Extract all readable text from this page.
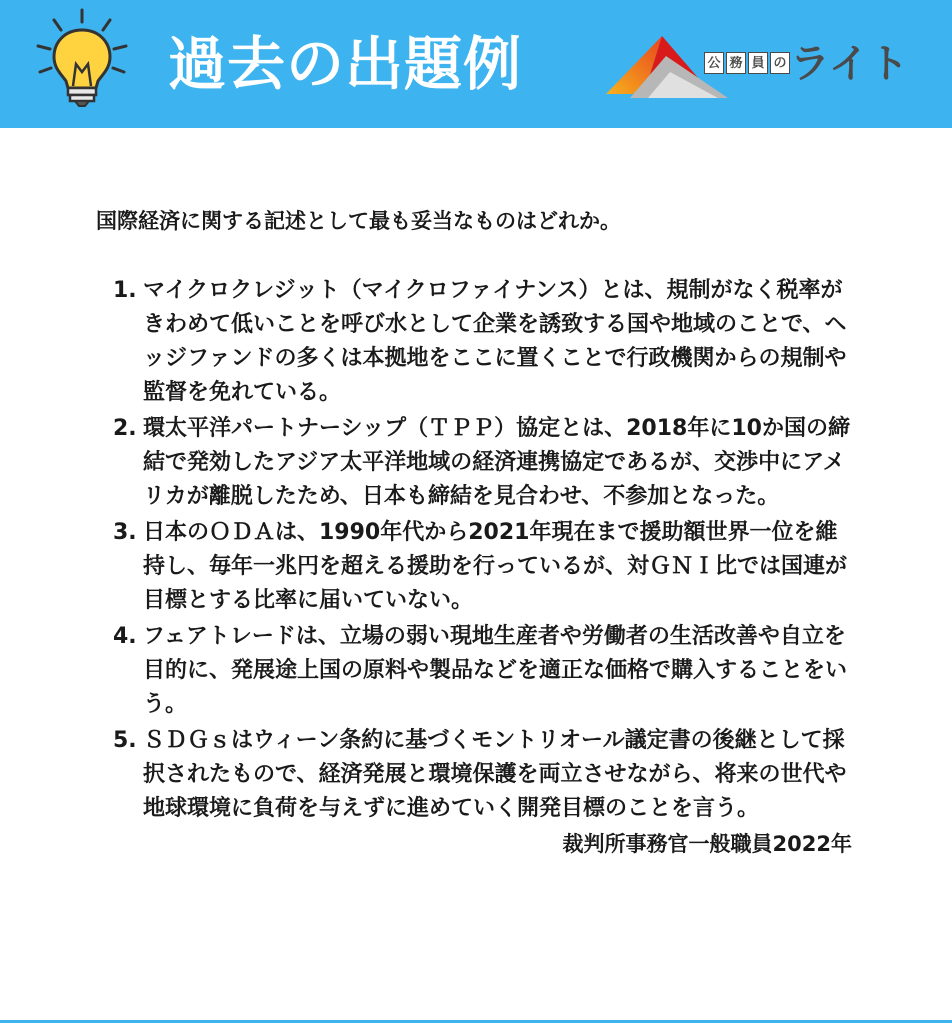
過去の出題例	公 務 員 の ライト

国際経済に関する記述として最も妥当なものはどれか。

1. マイクロクレジット（マイクロファイナンス）とは、規制がなく税率がきわめて低いことを呼び水として企業を誘致する国や地域のことで、ヘッジファンドの多くは本拠地をここに置くことで行政機関からの規制や監督を免れている。
2. 環太平洋パートナーシップ（ＴＰＰ）協定とは、2018年に10か国の締結で発効したアジア太平洋地域の経済連携協定であるが、交渉中にアメリカが離脱したため、日本も締結を見合わせ、不参加となった。
3. 日本のＯＤＡは、1990年代から2021年現在まで援助額世界一位を維持し、毎年一兆円を超える援助を行っているが、対ＧＮＩ比では国連が目標とする比率に届いていない。
4. フェアトレードは、立場の弱い現地生産者や労働者の生活改善や自立を目的に、発展途上国の原料や製品などを適正な価格で購入することをいう。
5. ＳＤＧｓはウィーン条約に基づくモントリオール議定書の後継として採択されたもので、経済発展と環境保護を両立させながら、将来の世代や地球環境に負荷を与えずに進めていく開発目標のことを言う。
裁判所事務官一般職員2022年
